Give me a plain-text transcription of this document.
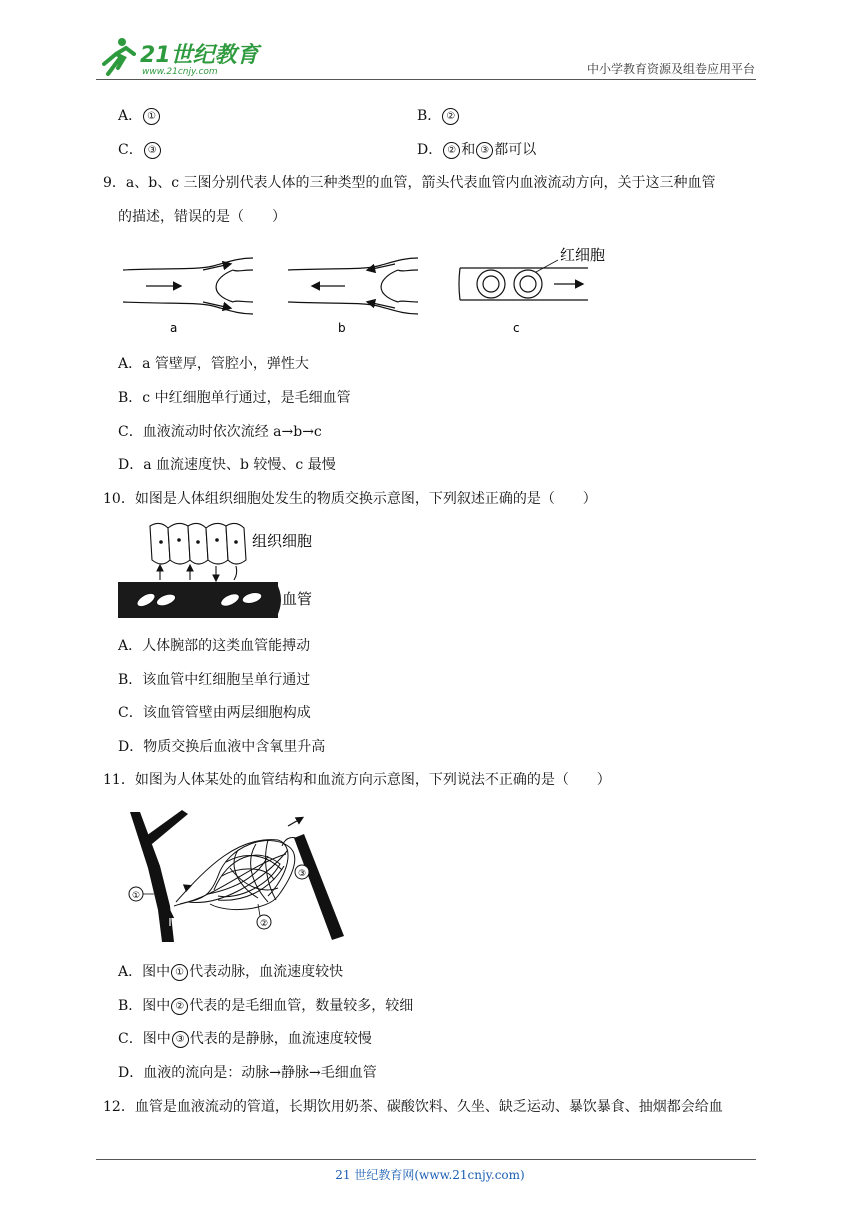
21世纪教育
www.21cnjy.com	中小学教育资源及组卷应用平台
A． ①	B． ②
C． ③	D． ② 和 ③ 都可以
9．a、b、c 三图分别代表人体的三种类型的血管，箭头代表血管内血液流动方向，关于这三种血管
的描述，错误的是（　　）
a	b
红细胞
c
A．a 管壁厚，管腔小，弹性大
B．c 中红细胞单行通过，是毛细血管
C．血液流动时依次流经 a→b→c
D．a 血流速度快、b 较慢、c 最慢
10．如图是人体组织细胞处发生的物质交换示意图，下列叙述正确的是（　　）
组织细胞
血管
A．人体腕部的这类血管能搏动
B．该血管中红细胞呈单行通过
C．该血管管壁由两层细胞构成
D．物质交换后血液中含氧里升高
11．如图为人体某处的血管结构和血流方向示意图，下列说法不正确的是（　　）
①
②
③
A．图中 ① 代表动脉，血流速度较快
B．图中 ② 代表的是毛细血管，数量较多，较细
C．图中 ③ 代表的是静脉，血流速度较慢
D．血液的流向是：动脉→静脉→毛细血管
12．血管是血液流动的管道，长期饮用奶茶、碳酸饮料、久坐、缺乏运动、暴饮暴食、抽烟都会给血
21 世纪教育网(www.21cnjy.com)
